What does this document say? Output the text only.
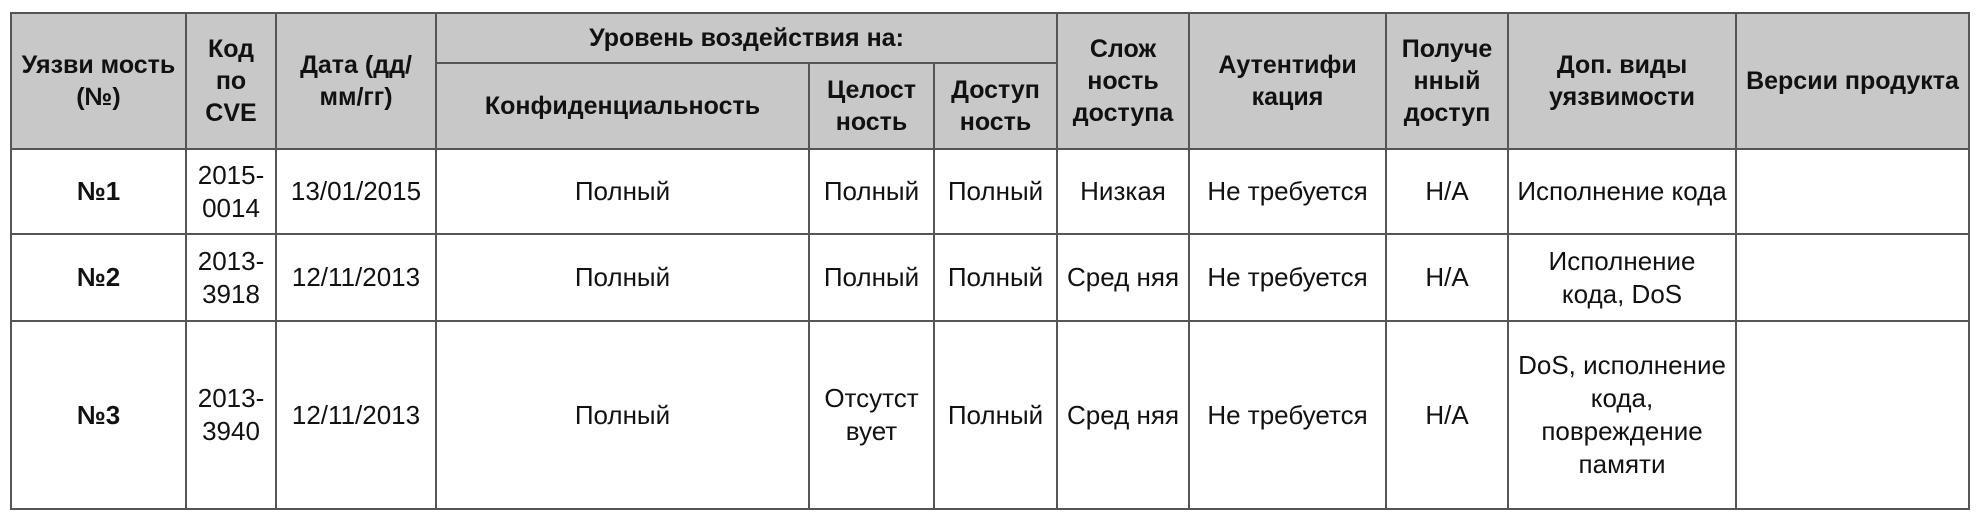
Уязви мость (№)	Код по CVE	Дата (дд/ мм/гг)	Уровень воздействия на:			Слож ность доступа	Аутентифи кация	Получе нный доступ	Доп. виды уязвимости	Версии продукта
			Конфиденциальность	Целост ность	Доступ ность					
№1	2015-0014	13/01/2015	Полный	Полный	Полный	Низкая	Не требуется	Н/А	Исполнение кода	
№2	2013-3918	12/11/2013	Полный	Полный	Полный	Сред няя	Не требуется	Н/А	Исполнение кода, DoS	
№3	2013-3940	12/11/2013	Полный	Отсутст вует	Полный	Сред няя	Не требуется	Н/А	DoS, исполнение кода, повреждение памяти	
